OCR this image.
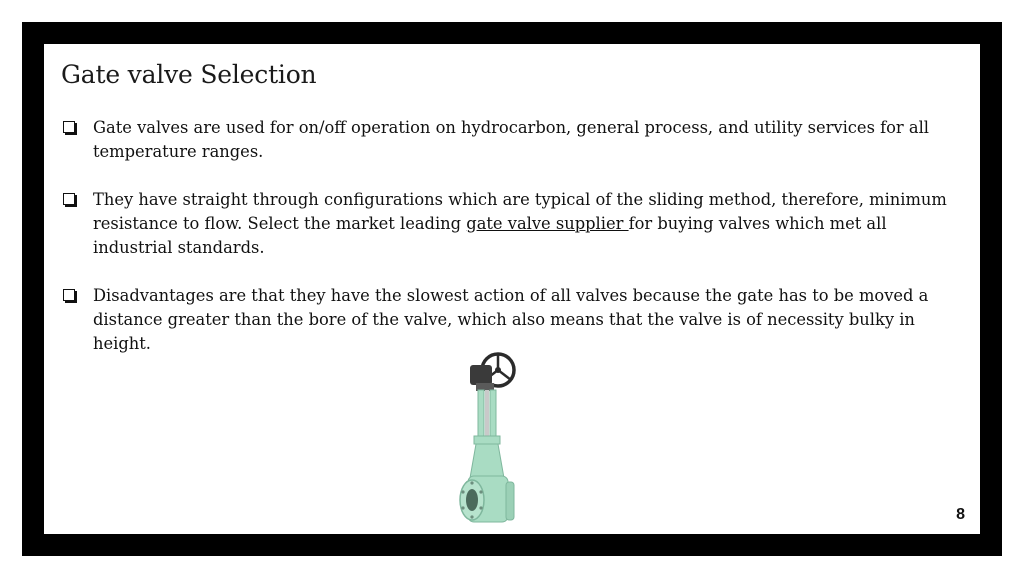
Gate valve Selection
Gate valves are used for on/off operation on hydrocarbon, general process, and utility services for all temperature ranges.
They have straight through configurations which are typical of the sliding method, therefore, minimum resistance to flow. Select the market leading gate valve supplier for buying valves which met all industrial standards.
Disadvantages are that they have the slowest action of all valves because the gate has to be moved a distance greater than the bore of the valve, which also means that the valve is of necessity bulky in height.
8
